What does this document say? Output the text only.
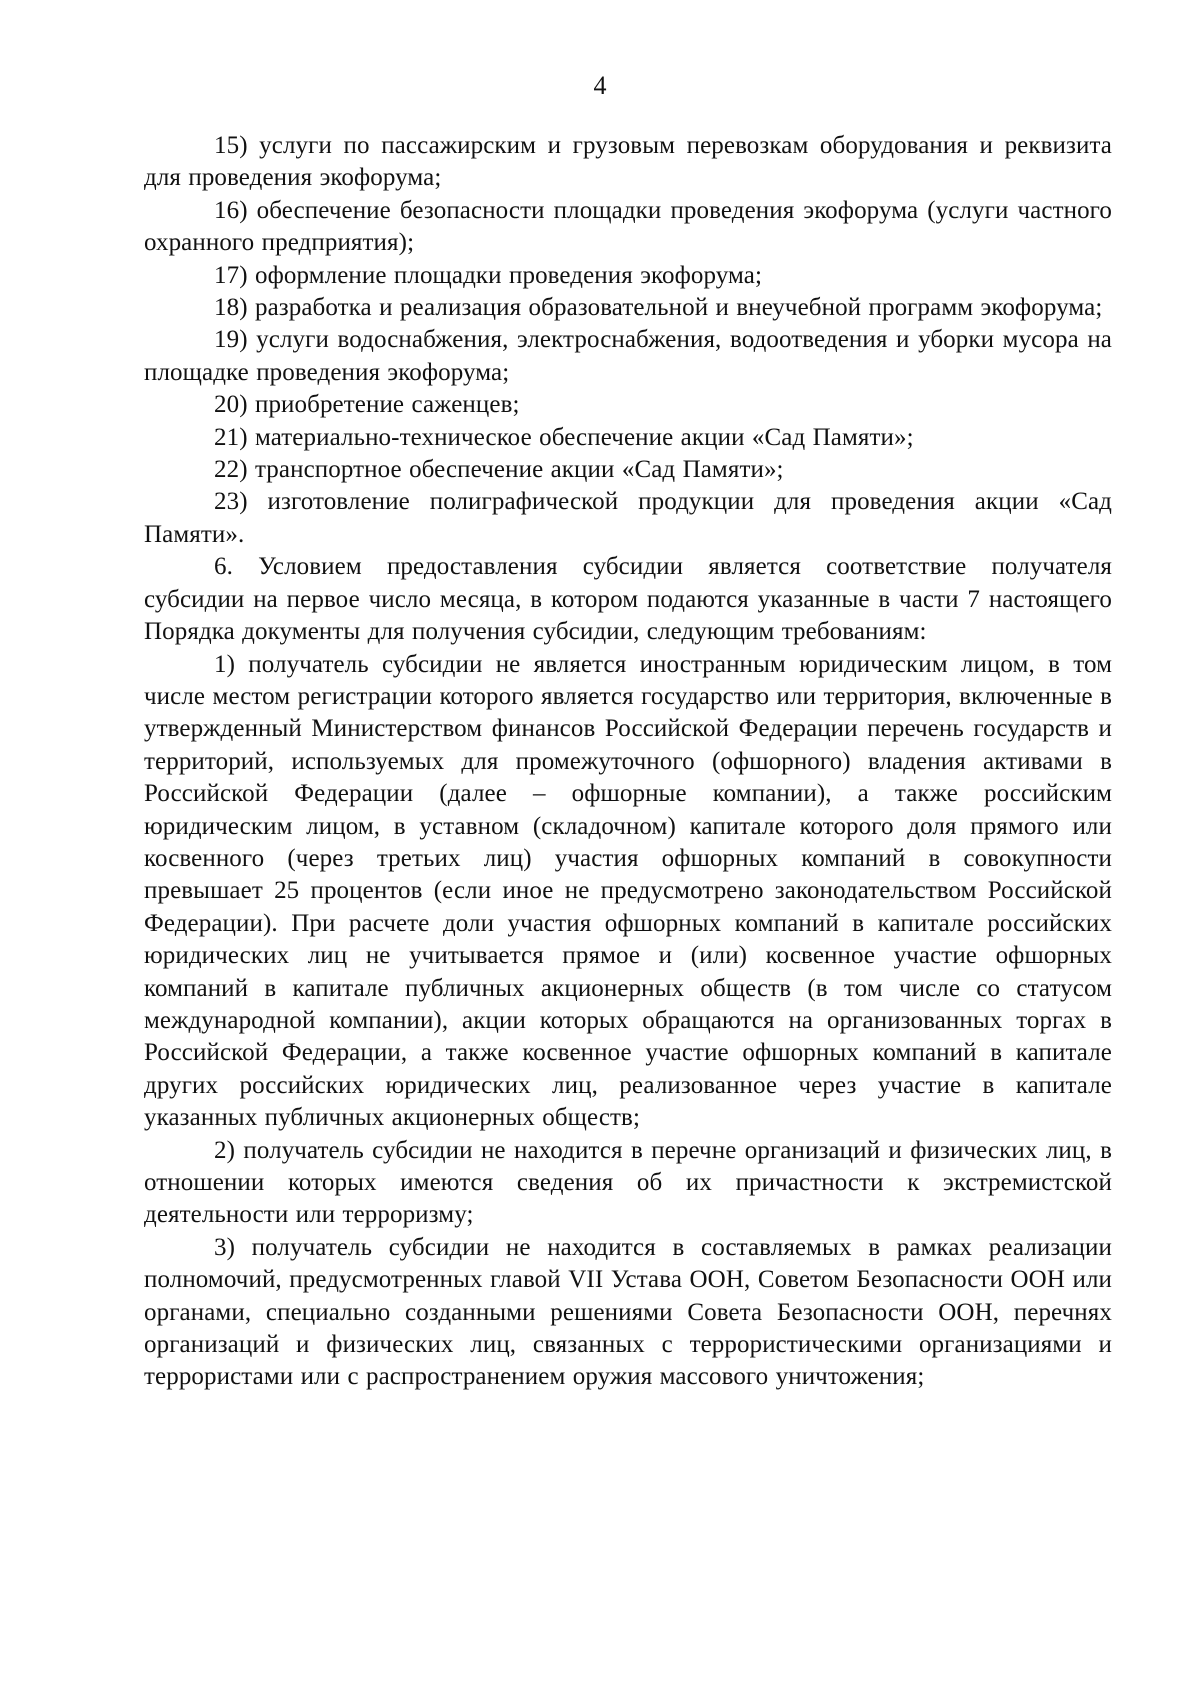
4

15) услуги по пассажирским и грузовым перевозкам оборудования и реквизита для проведения экофорума;

16) обеспечение безопасности площадки проведения экофорума (услуги частного охранного предприятия);

17) оформление площадки проведения экофорума;

18) разработка и реализация образовательной и внеучебной программ экофорума;

19) услуги водоснабжения, электроснабжения, водоотведения и уборки мусора на площадке проведения экофорума;

20) приобретение саженцев;

21) материально-техническое обеспечение акции «Сад Памяти»;

22) транспортное обеспечение акции «Сад Памяти»;

23) изготовление полиграфической продукции для проведения акции «Сад Памяти».

6. Условием предоставления субсидии является соответствие получателя субсидии на первое число месяца, в котором подаются указанные в части 7 настоящего Порядка документы для получения субсидии, следующим требованиям:

1) получатель субсидии не является иностранным юридическим лицом, в том числе местом регистрации которого является государство или территория, включенные в утвержденный Министерством финансов Российской Федерации перечень государств и территорий, используемых для промежуточного (офшорного) владения активами в Российской Федерации (далее – офшорные компании), а также российским юридическим лицом, в уставном (складочном) капитале которого доля прямого или косвенного (через третьих лиц) участия офшорных компаний в совокупности превышает 25 процентов (если иное не предусмотрено законодательством Российской Федерации). При расчете доли участия офшорных компаний в капитале российских юридических лиц не учитывается прямое и (или) косвенное участие офшорных компаний в капитале публичных акционерных обществ (в том числе со статусом международной компании), акции которых обращаются на организованных торгах в Российской Федерации, а также косвенное участие офшорных компаний в капитале других российских юридических лиц, реализованное через участие в капитале указанных публичных акционерных обществ;

2) получатель субсидии не находится в перечне организаций и физических лиц, в отношении которых имеются сведения об их причастности к экстремистской деятельности или терроризму;

3) получатель субсидии не находится в составляемых в рамках реализации полномочий, предусмотренных главой VII Устава ООН, Советом Безопасности ООН или органами, специально созданными решениями Совета Безопасности ООН, перечнях организаций и физических лиц, связанных с террористическими организациями и террористами или с распространением оружия массового уничтожения;
